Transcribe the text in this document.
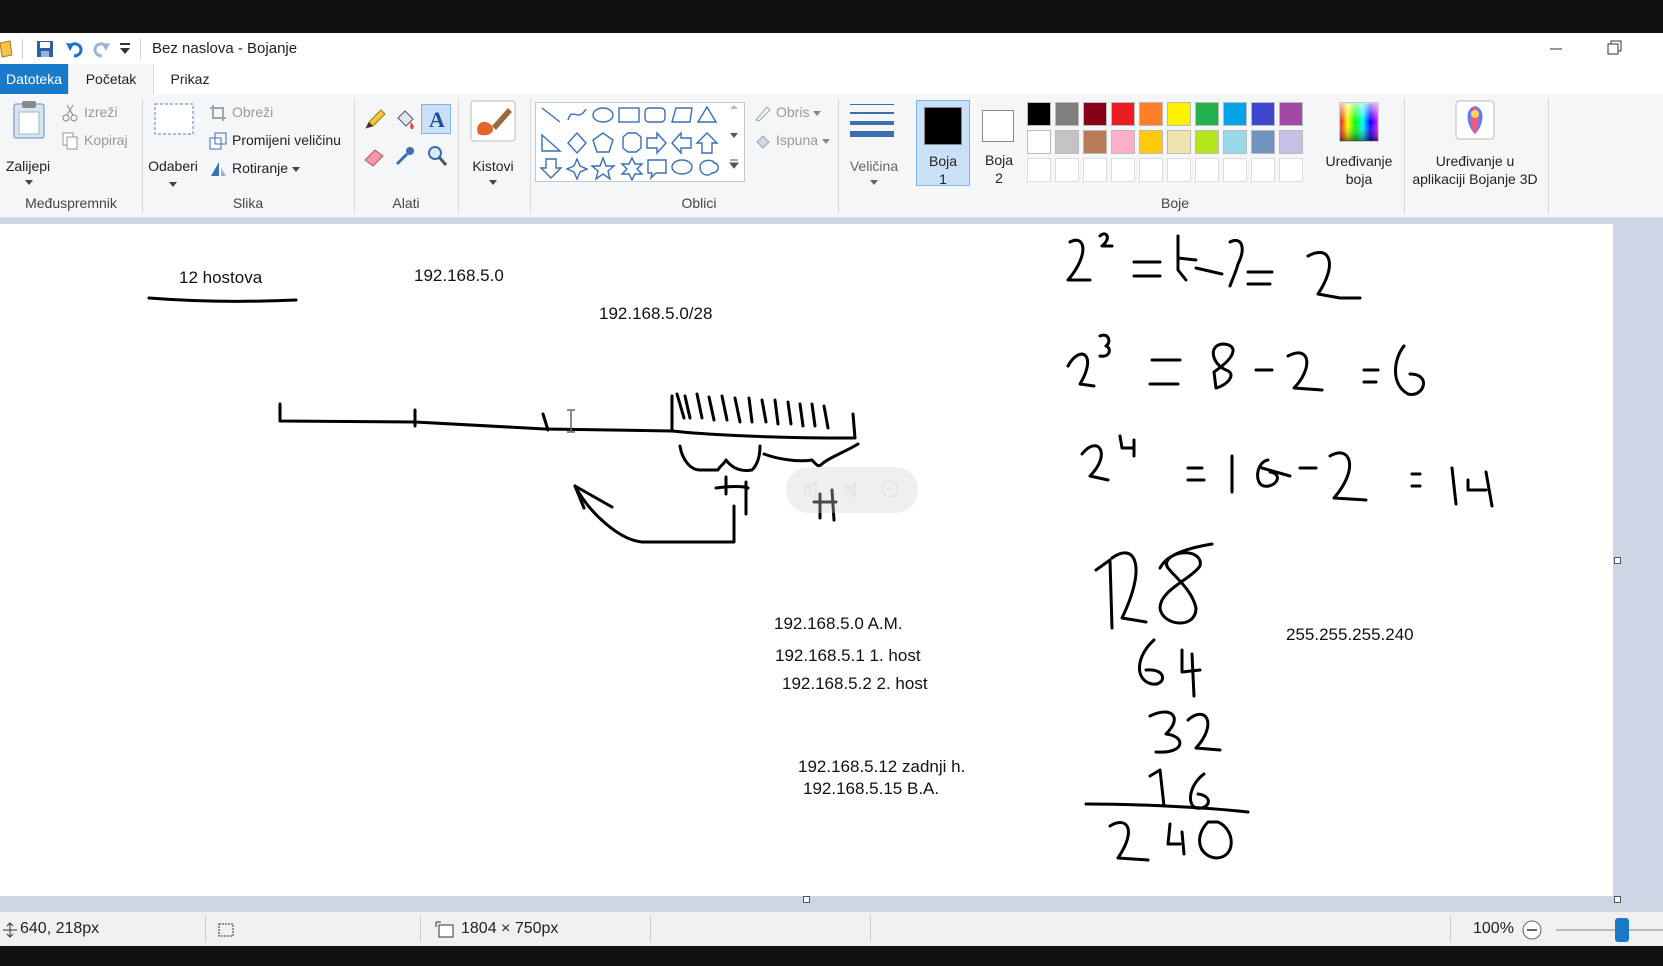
Bez naslova - Bojanje
Datoteka	Početak	Prikaz
Zalijepi
Izreži
Kopiraj
Međuspremnik
Odaberi
Obreži
Promijeni veličinu
Rotiranje
Slika
A
Alati
Kistovi
Obris
Ispuna
Oblici
Veličina	Boja
1
Boja
2
Uređivanje
boja
Boje
Uređivanje u
aplikaciji Bojanje 3D
12 hostova	192.168.5.0
192.168.5.0/28
192.168.5.0 A.M.
192.168.5.1 1. host
192.168.5.2 2. host
192.168.5.12 zadnji h.
192.168.5.15 B.A.
255.255.255.240
640, 218px	1804 × 750px	100%
